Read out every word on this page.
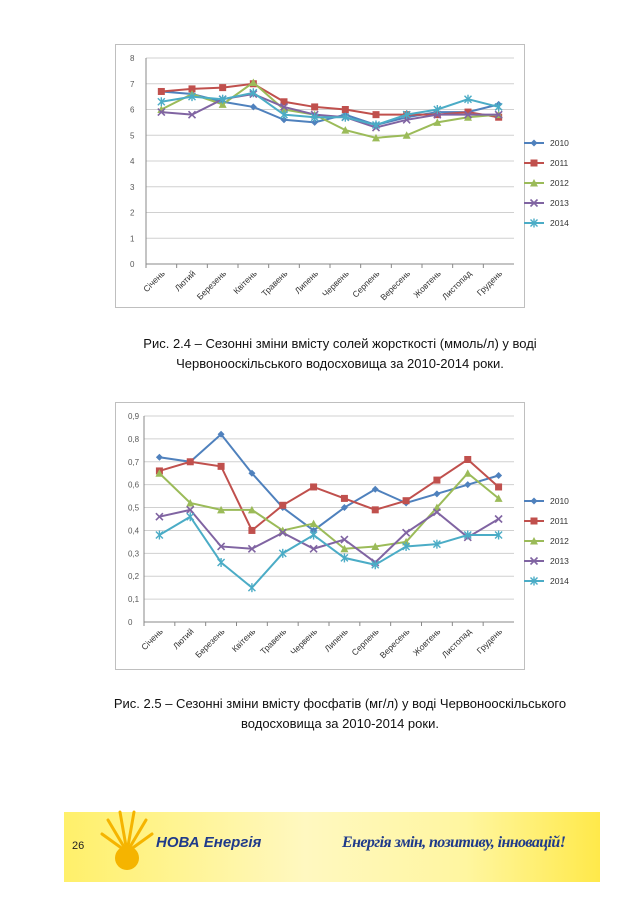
0
1
2
3
4
5
6
7
8
Січень Лютий
Березень Квітень Травень Липень Червень Серпень
Вересень Жовтень
Листопад Грудень
2010
2011
2012
2013
2014
Рис. 2.4 – Сезонні зміни вмісту солей жорсткості (ммоль/л) у воді
Червонооскільського водосховища за 2010-2014 роки.
0
0,1
0,2
0,3
0,4
0,5
0,6
0,7
0,8
0,9
Січень Лютий
Березень Квітень Травень Червень Липень Серпень
Вересень Жовтень
Листопад Грудень
2010
2011
2012
2013
2014
Рис. 2.5 – Сезонні зміни вмісту фосфатів (мг/л) у воді Червонооскільського
водосховища за 2010-2014 роки.
26	НОВА Енергія	Енергія змін, позитиву, інновацій!
